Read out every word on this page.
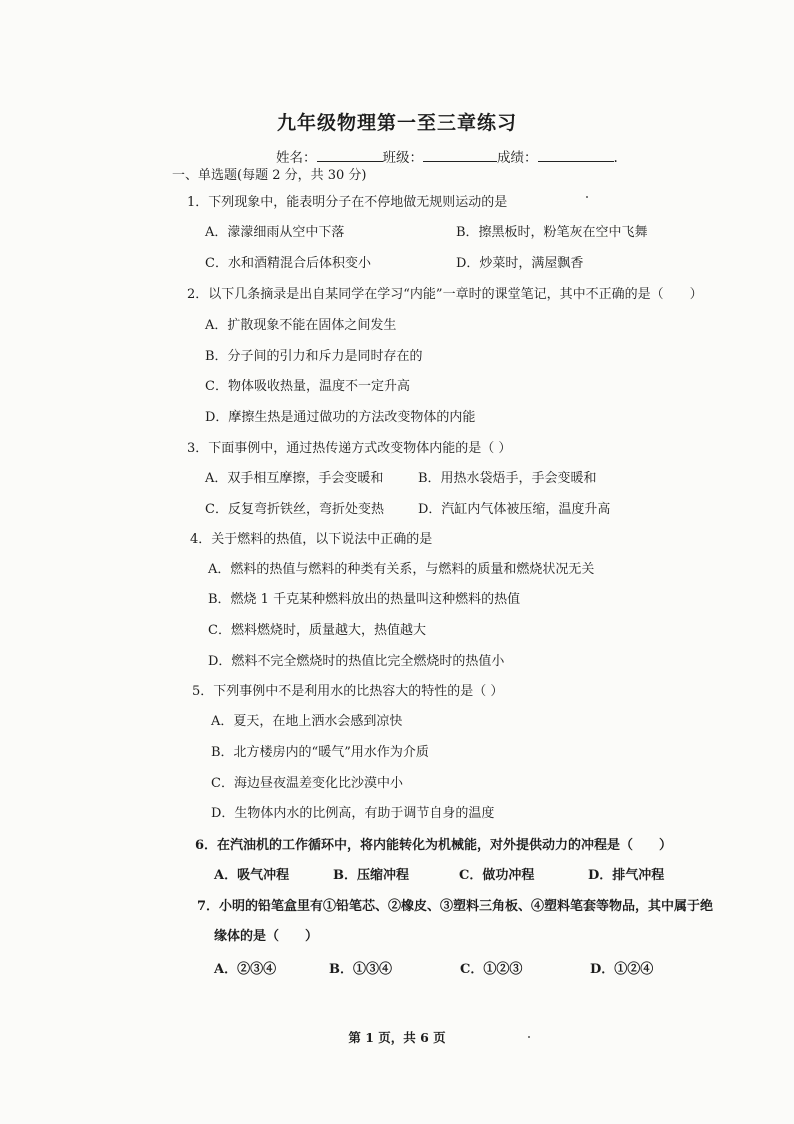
九年级物理第一至三章练习
姓名：	班级：	成绩：	.
一、单选题(每题 2 分，共 30 分)
1．下列现象中，能表明分子在不停地做无规则运动的是
A．濛濛细雨从空中下落	B．擦黑板时，粉笔灰在空中飞舞
C．水和酒精混合后体积变小	D．炒菜时，满屋飘香
2．以下几条摘录是出自某同学在学习“内能”一章时的课堂笔记，其中不正确的是（　　）
A．扩散现象不能在固体之间发生
B．分子间的引力和斥力是同时存在的
C．物体吸收热量，温度不一定升高
D．摩擦生热是通过做功的方法改变物体的内能
3．下面事例中，通过热传递方式改变物体内能的是（ ）
A．双手相互摩擦，手会变暖和	B．用热水袋焐手，手会变暖和
C．反复弯折铁丝，弯折处变热	D．汽缸内气体被压缩，温度升高
4．关于燃料的热值，以下说法中正确的是
A．燃料的热值与燃料的种类有关系，与燃料的质量和燃烧状况无关
B．燃烧 1 千克某种燃料放出的热量叫这种燃料的热值
C．燃料燃烧时，质量越大，热值越大
D．燃料不完全燃烧时的热值比完全燃烧时的热值小
5．下列事例中不是利用水的比热容大的特性的是（ ）
A．夏天，在地上洒水会感到凉快
B．北方楼房内的“暖气”用水作为介质
C．海边昼夜温差变化比沙漠中小
D．生物体内水的比例高，有助于调节自身的温度
6．在汽油机的工作循环中，将内能转化为机械能，对外提供动力的冲程是（　　）
A．吸气冲程	B．压缩冲程	C．做功冲程	D．排气冲程
7．小明的铅笔盒里有①铅笔芯、②橡皮、③塑料三角板、④塑料笔套等物品，其中属于绝
缘体的是（　　）
A．②③④	B．①③④	C．①②③	D．①②④
第 1 页，共 6 页
